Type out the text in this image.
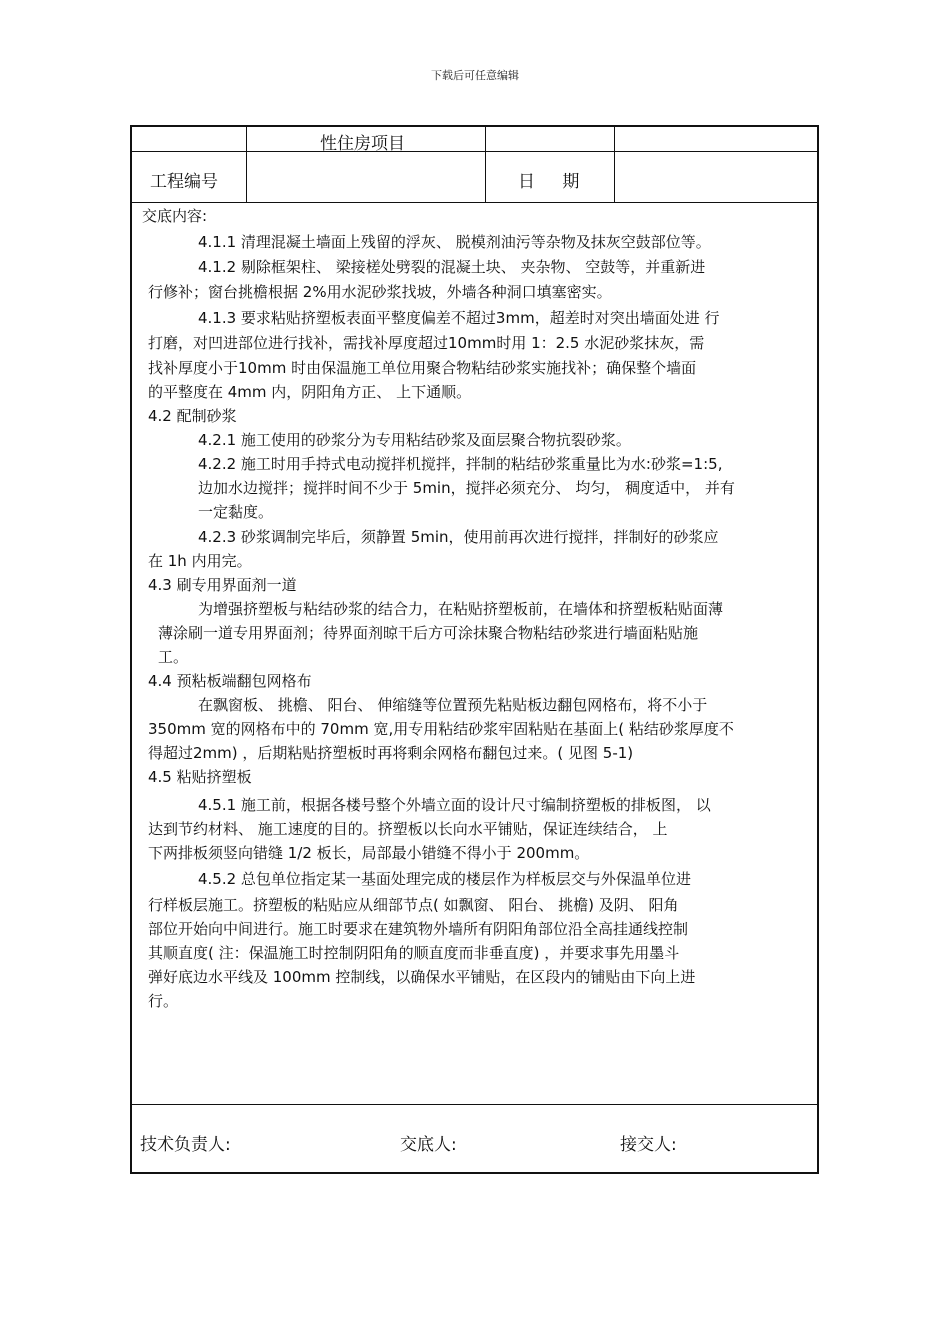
下载后可任意编辑
性住房项目
工程编号	日 期
交底内容:
4.1.1 清理混凝土墙面上残留的浮灰、 脱模剂油污等杂物及抹灰空鼓部位等。
4.1.2 剔除框架柱、 梁接槎处劈裂的混凝土块、 夹杂物、 空鼓等，并重新进
行修补；窗台挑檐根据 2%用水泥砂浆找坡，外墙各种洞口填塞密实。
4.1.3 要求粘贴挤塑板表面平整度偏差不超过3mm，超差时对突出墙面处进 行
打磨，对凹进部位进行找补，需找补厚度超过10mm时用 1：2.5 水泥砂浆抹灰，需
找补厚度小于10mm 时由保温施工单位用聚合物粘结砂浆实施找补；确保整个墙面
的平整度在 4mm 内，阴阳角方正、 上下通顺。
4.2 配制砂浆
4.2.1 施工使用的砂浆分为专用粘结砂浆及面层聚合物抗裂砂浆。
4.2.2 施工时用手持式电动搅拌机搅拌，拌制的粘结砂浆重量比为水:砂浆=1:5,
边加水边搅拌；搅拌时间不少于 5min，搅拌必须充分、 均匀， 稠度适中， 并有
一定黏度。
4.2.3 砂浆调制完毕后，须静置 5min，使用前再次进行搅拌，拌制好的砂浆应
在 1h 内用完。
4.3 刷专用界面剂一道
为增强挤塑板与粘结砂浆的结合力，在粘贴挤塑板前，在墙体和挤塑板粘贴面薄
薄涂刷一道专用界面剂；待界面剂晾干后方可涂抹聚合物粘结砂浆进行墙面粘贴施
工。
4.4 预粘板端翻包网格布
在飘窗板、 挑檐、 阳台、 伸缩缝等位置预先粘贴板边翻包网格布，将不小于
350mm 宽的网格布中的 70mm 宽,用专用粘结砂浆牢固粘贴在基面上( 粘结砂浆厚度不
得超过2mm) ，后期粘贴挤塑板时再将剩余网格布翻包过来。( 见图 5-1)
4.5 粘贴挤塑板
4.5.1 施工前，根据各楼号整个外墙立面的设计尺寸编制挤塑板的排板图， 以
达到节约材料、 施工速度的目的。挤塑板以长向水平铺贴，保证连续结合， 上
下两排板须竖向错缝 1/2 板长，局部最小错缝不得小于 200mm。
4.5.2 总包单位指定某一基面处理完成的楼层作为样板层交与外保温单位进
行样板层施工。挤塑板的粘贴应从细部节点( 如飘窗、 阳台、 挑檐) 及阴、 阳角
部位开始向中间进行。施工时要求在建筑物外墙所有阴阳角部位沿全高挂通线控制
其顺直度( 注：保温施工时控制阴阳角的顺直度而非垂直度) ，并要求事先用墨斗
弹好底边水平线及 100mm 控制线，以确保水平铺贴，在区段内的铺贴由下向上进
行。
技术负责人:	交底人:	接交人:
